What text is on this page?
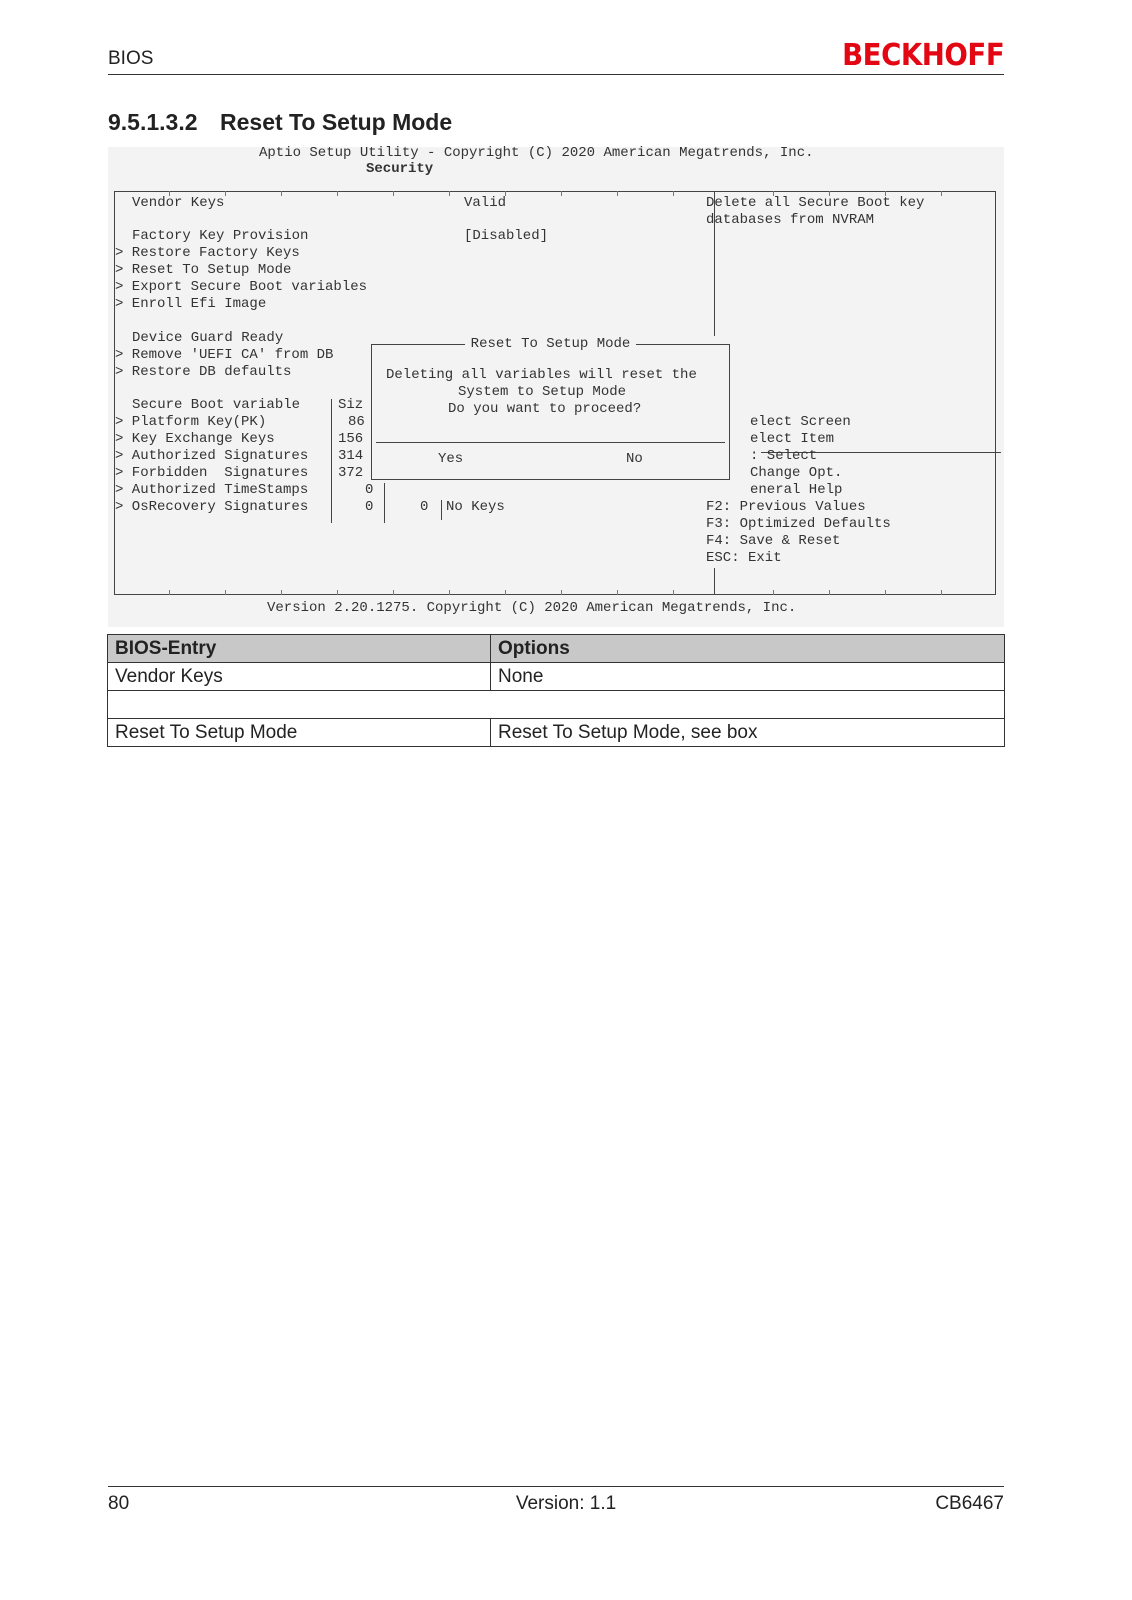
BIOS	BECKHOFF
9.5.1.3.2 Reset To Setup Mode
Aptio Setup Utility - Copyright (C) 2020 American Megatrends, Inc.
Security
Vendor Keys	Valid
Factory Key Provision	[Disabled]
> Restore Factory Keys
> Reset To Setup Mode
> Export Secure Boot variables
> Enroll Efi Image
Device Guard Ready
> Remove 'UEFI CA' from DB
> Restore DB defaults
Secure Boot variable	Siz
> Platform Key(PK)	86
> Key Exchange Keys	156
> Authorized Signatures 314
> Forbidden  Signatures 372
> Authorized TimeStamps	0
> OsRecovery Signatures	0	0 No Keys
Delete all Secure Boot key
databases from NVRAM
elect Screen
elect Item
: Select
Change Opt.
eneral Help
F2: Previous Values
F3: Optimized Defaults
F4: Save & Reset
ESC: Exit
Reset To Setup Mode
Deleting all variables will reset the
System to Setup Mode
Do you want to proceed?
Yes	No
Version 2.20.1275. Copyright (C) 2020 American Megatrends, Inc.
BIOS-Entry	Options
Vendor Keys	None

Reset To Setup Mode	Reset To Setup Mode, see box
80	Version: 1.1	CB6467
